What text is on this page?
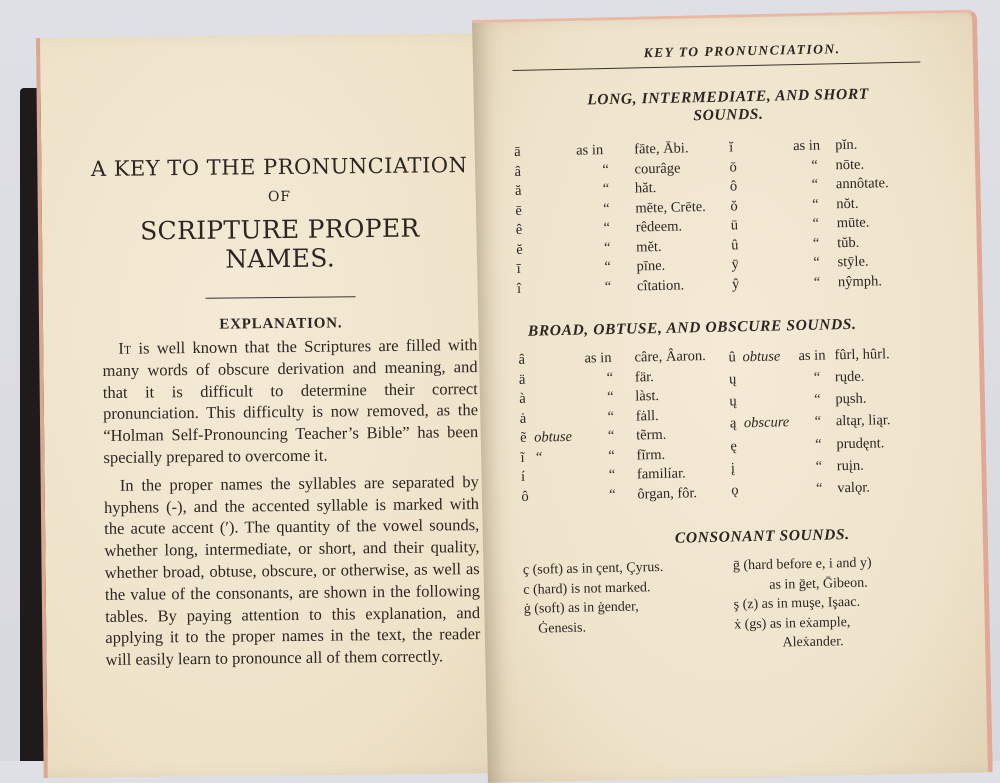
A KEY TO THE PRONUNCIATION
OF
SCRIPTURE PROPER NAMES.
EXPLANATION.

It is well known that the Scriptures are filled with many words of obscure derivation and meaning, and that it is difficult to determine their correct pronunciation. This difficulty is now removed, as the “Holman Self-Pronouncing Teacher’s Bible” has been specially prepared to overcome it.

In the proper names the syllables are separated by hyphens (-), and the accented syllable is marked with the acute accent (′). The quantity of the vowel sounds, whether long, intermediate, or short, and their quality, whether broad, obtuse, obscure, or otherwise, as well as the value of the consonants, are shown in the following tables. By paying attention to this explanation, and applying it to the proper names in the text, the reader will easily learn to pronounce all of them correctly.

KEY TO PRONUNCIATION.
LONG, INTERMEDIATE, AND SHORT SOUNDS.
ā	as in	fāte, Ābi.
â	“	courâge
ă	“	hăt.
ē	“	mēte, Crēte.
ê	“	rêdeem.
ĕ	“	mĕt.
ī	“	pīne.
î	“	cîtation.
ĭ	as in	pĭn.
ō	“	nōte.
ô	“	annôtate.
ŏ	“	nŏt.
ū	“	mūte.
û	“	tŭb.
ȳ	“	stȳle.
ŷ	“	nŷmph.
BROAD, OBTUSE, AND OBSCURE SOUNDS.
â		as in	câre, Âaron.
ä		“	fär.
à		“	làst.
ȧ		“	fȧll.
ẽ	obtuse	“	tẽrm.
ĩ	“	“	fĩrm.
í		“	familíar.
ô		“	ôrgan, fôr.
û	obtuse	as in	fûrl, hûrl.
ų		“	rųde.
ų		“	pųsh.
ą	obscure	“	altąr, liąr.
ę		“	prudęnt.
į		“	ruįn.
ǫ		“	valǫr.
CONSONANT SOUNDS.
ç (soft) as in çent, Çyrus.
c (hard) is not marked.
ġ (soft) as in ġender,
Ġenesis.
ḡ (hard before e, i and y)
as in ḡet, Ḡibeon.
ş (z) as in muşe, Işaac.
ẋ (gs) as in eẋample,
Aleẋander.
